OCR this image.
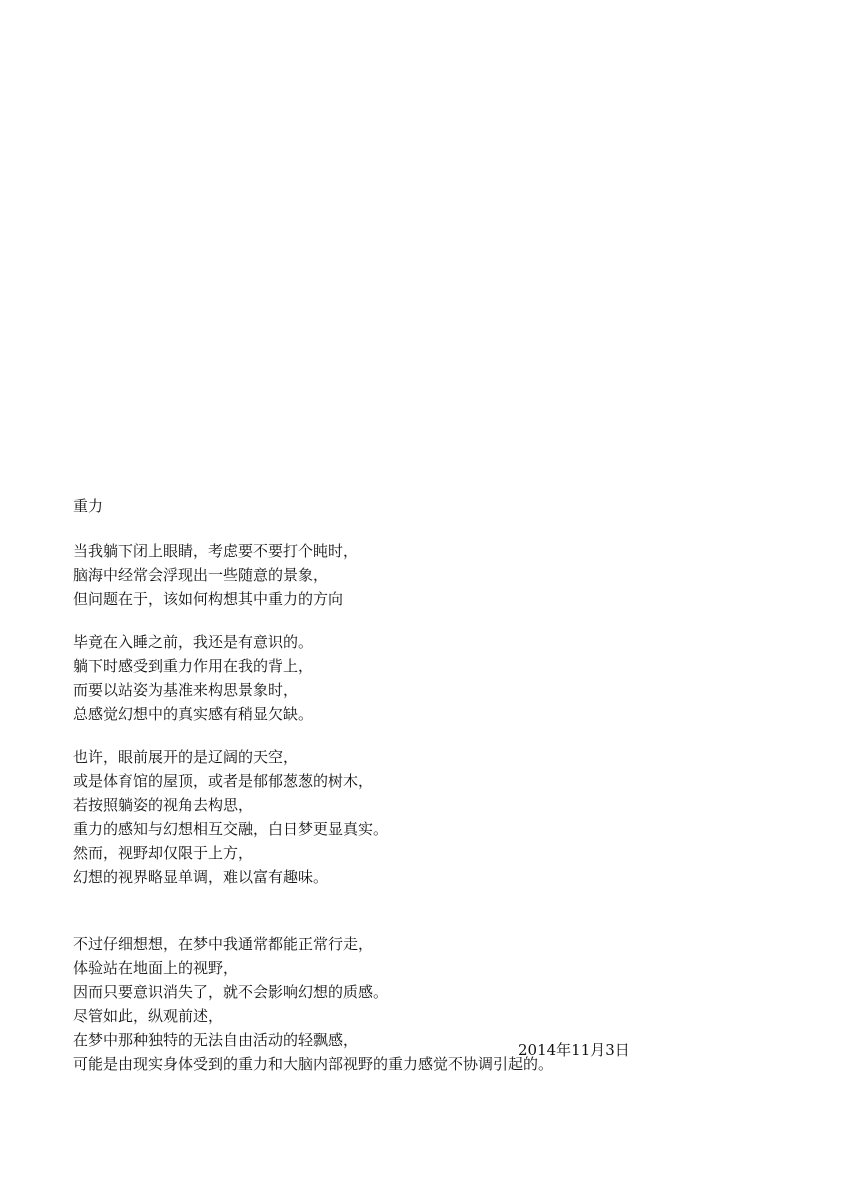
重力
当我躺下闭上眼睛，考虑要不要打个盹时，
脑海中经常会浮现出一些随意的景象，
但问题在于，该如何构想其中重力的方向
毕竟在入睡之前，我还是有意识的。
躺下时感受到重力作用在我的背上，
而要以站姿为基准来构思景象时，
总感觉幻想中的真实感有稍显欠缺。
也许，眼前展开的是辽阔的天空，
或是体育馆的屋顶，或者是郁郁葱葱的树木，
若按照躺姿的视角去构思，
重力的感知与幻想相互交融，白日梦更显真实。
然而，视野却仅限于上方，
幻想的视界略显单调，难以富有趣味。
不过仔细想想，在梦中我通常都能正常行走，
体验站在地面上的视野，
因而只要意识消失了，就不会影响幻想的质感。
尽管如此，纵观前述，
在梦中那种独特的无法自由活动的轻飘感，
可能是由现实身体受到的重力和大脑内部视野的重力感觉不协调引起的。
2014年11月3日
